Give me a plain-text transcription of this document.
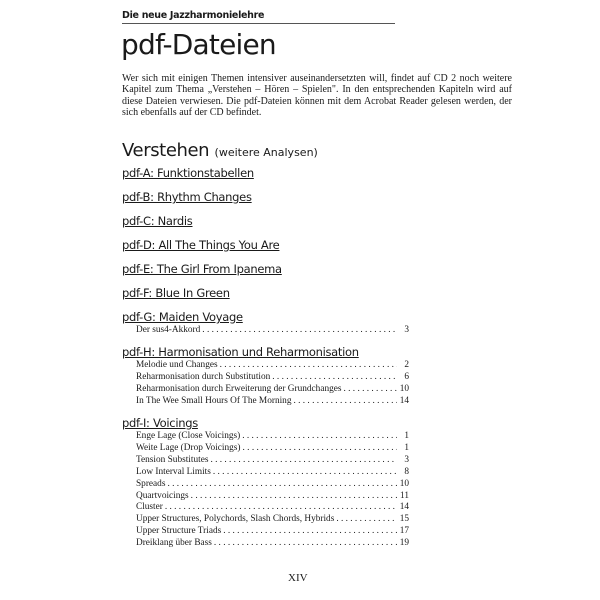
Die neue Jazzharmonielehre
pdf-Dateien
Wer sich mit einigen Themen intensiver auseinandersetzten will, findet auf CD 2 noch weitere Kapitel zum Thema „Verstehen – Hören – Spielen". In den entsprechenden Kapiteln wird auf diese Dateien verwiesen. Die pdf-Dateien können mit dem Acrobat Reader gelesen werden, der sich ebenfalls auf der CD befindet.
Verstehen (weitere Analysen)
pdf-A: Funktionstabellen
pdf-B: Rhythm Changes
pdf-C: Nardis
pdf-D: All The Things You Are
pdf-E: The Girl From Ipanema
pdf-F: Blue In Green
pdf-G: Maiden Voyage
Der sus4-Akkord . . .	3
pdf-H: Harmonisation und Reharmonisation
Melodie und Changes . . .	2
Reharmonisation durch Substitution . . .	6
Reharmonisation durch Erweiterung der Grundchanges . . .	10
In The Wee Small Hours Of The Morning . . .	14
pdf-I: Voicings
Enge Lage (Close Voicings) . . .	1
Weite Lage (Drop Voicings) . . .	1
Tension Substitutes . . .	3
Low Interval Limits . . .	8
Spreads . . .	10
Quartvoicings . . .	11
Cluster . . .	14
Upper Structures, Polychords, Slash Chords, Hybrids . . .	15
Upper Structure Triads . . .	17
Dreiklang über Bass . . .	19
XIV
